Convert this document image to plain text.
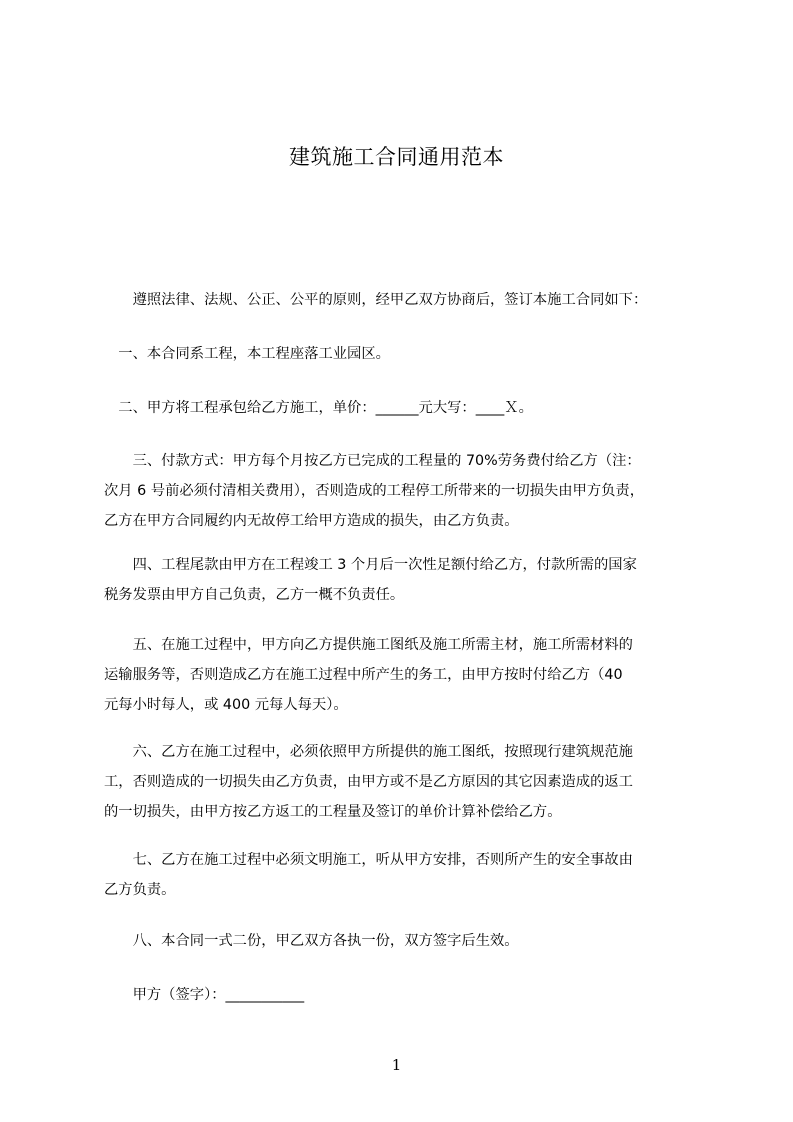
建筑施工合同通用范本
　　遵照法律、法规、公正、公平的原则，经甲乙双方协商后，签订本施工合同如下：
　一、本合同系工程，本工程座落工业园区。
　二、甲方将工程承包给乙方施工，单价：______元大写：____Ｘ。
　　三、付款方式：甲方每个月按乙方已完成的工程量的 70%劳务费付给乙方（注：
次月 6 号前必须付清相关费用），否则造成的工程停工所带来的一切损失由甲方负责，
乙方在甲方合同履约内无故停工给甲方造成的损失，由乙方负责。
　　四、工程尾款由甲方在工程竣工 3 个月后一次性足额付给乙方，付款所需的国家
税务发票由甲方自己负责，乙方一概不负责任。
　　五、在施工过程中，甲方向乙方提供施工图纸及施工所需主材，施工所需材料的
运输服务等，否则造成乙方在施工过程中所产生的务工，由甲方按时付给乙方（40
元每小时每人，或 400 元每人每天）。
　　六、乙方在施工过程中，必须依照甲方所提供的施工图纸，按照现行建筑规范施
工，否则造成的一切损失由乙方负责，由甲方或不是乙方原因的其它因素造成的返工
的一切损失，由甲方按乙方返工的工程量及签订的单价计算补偿给乙方。
　　七、乙方在施工过程中必须文明施工，听从甲方安排，否则所产生的安全事故由
乙方负责。
　　八、本合同一式二份，甲乙双方各执一份，双方签字后生效。
　　甲方（签字）：___________
1
